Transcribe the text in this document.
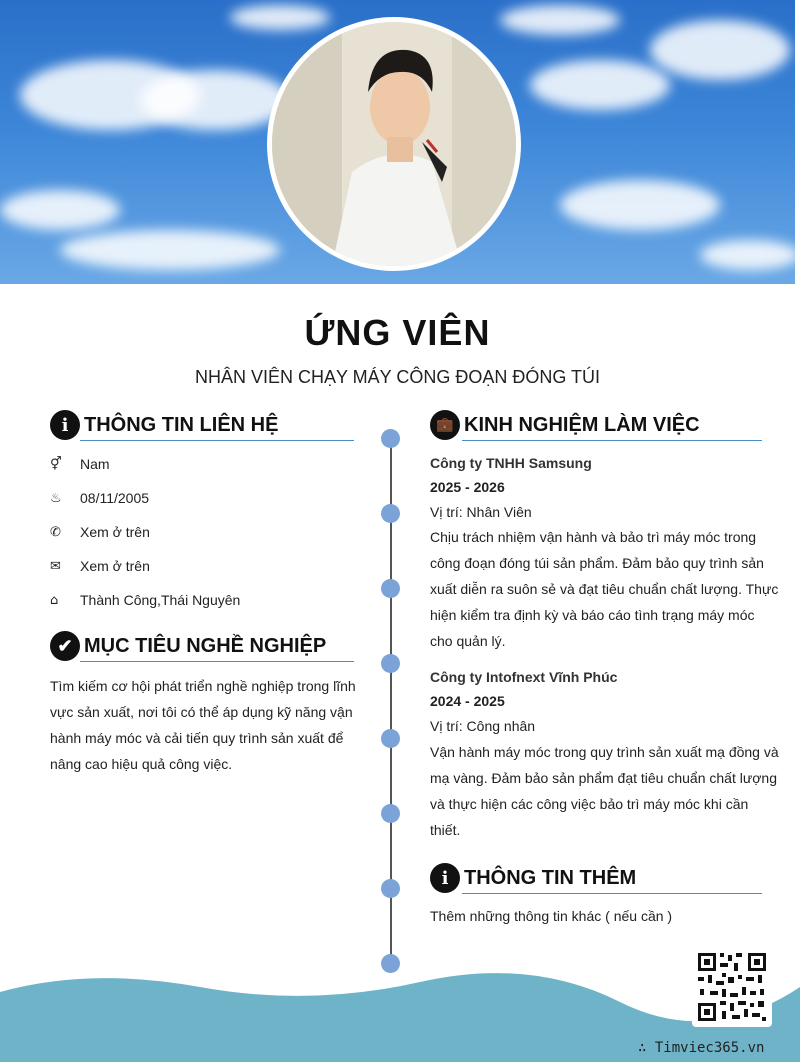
ỨNG VIÊN
NHÂN VIÊN CHẠY MÁY CÔNG ĐOẠN ĐÓNG TÚI
i THÔNG TIN LIÊN HỆ
⚥	Nam
♨	08/11/2005
✆	Xem ở trên
✉	Xem ở trên
⌂	Thành Công,Thái Nguyên
✔ MỤC TIÊU NGHỀ NGHIỆP
Tìm kiếm cơ hội phát triển nghề nghiệp trong lĩnh
vực sản xuất, nơi tôi có thể áp dụng kỹ năng vận
hành máy móc và cải tiến quy trình sản xuất để
nâng cao hiệu quả công việc.
💼 KINH NGHIỆM LÀM VIỆC
Công ty TNHH Samsung
2025 - 2026
Vị trí: Nhân Viên
Chịu trách nhiệm vận hành và bảo trì máy móc trong
công đoạn đóng túi sản phẩm. Đảm bảo quy trình sản
xuất diễn ra suôn sẻ và đạt tiêu chuẩn chất lượng. Thực
hiện kiểm tra định kỳ và báo cáo tình trạng máy móc
cho quản lý.
Công ty Intofnext Vĩnh Phúc
2024 - 2025
Vị trí: Công nhân
Vận hành máy móc trong quy trình sản xuất mạ đồng và
mạ vàng. Đảm bảo sản phẩm đạt tiêu chuẩn chất lượng
và thực hiện các công việc bảo trì máy móc khi cần
thiết.
i THÔNG TIN THÊM
Thêm những thông tin khác ( nếu cần )
∴ Timviec365.vn
